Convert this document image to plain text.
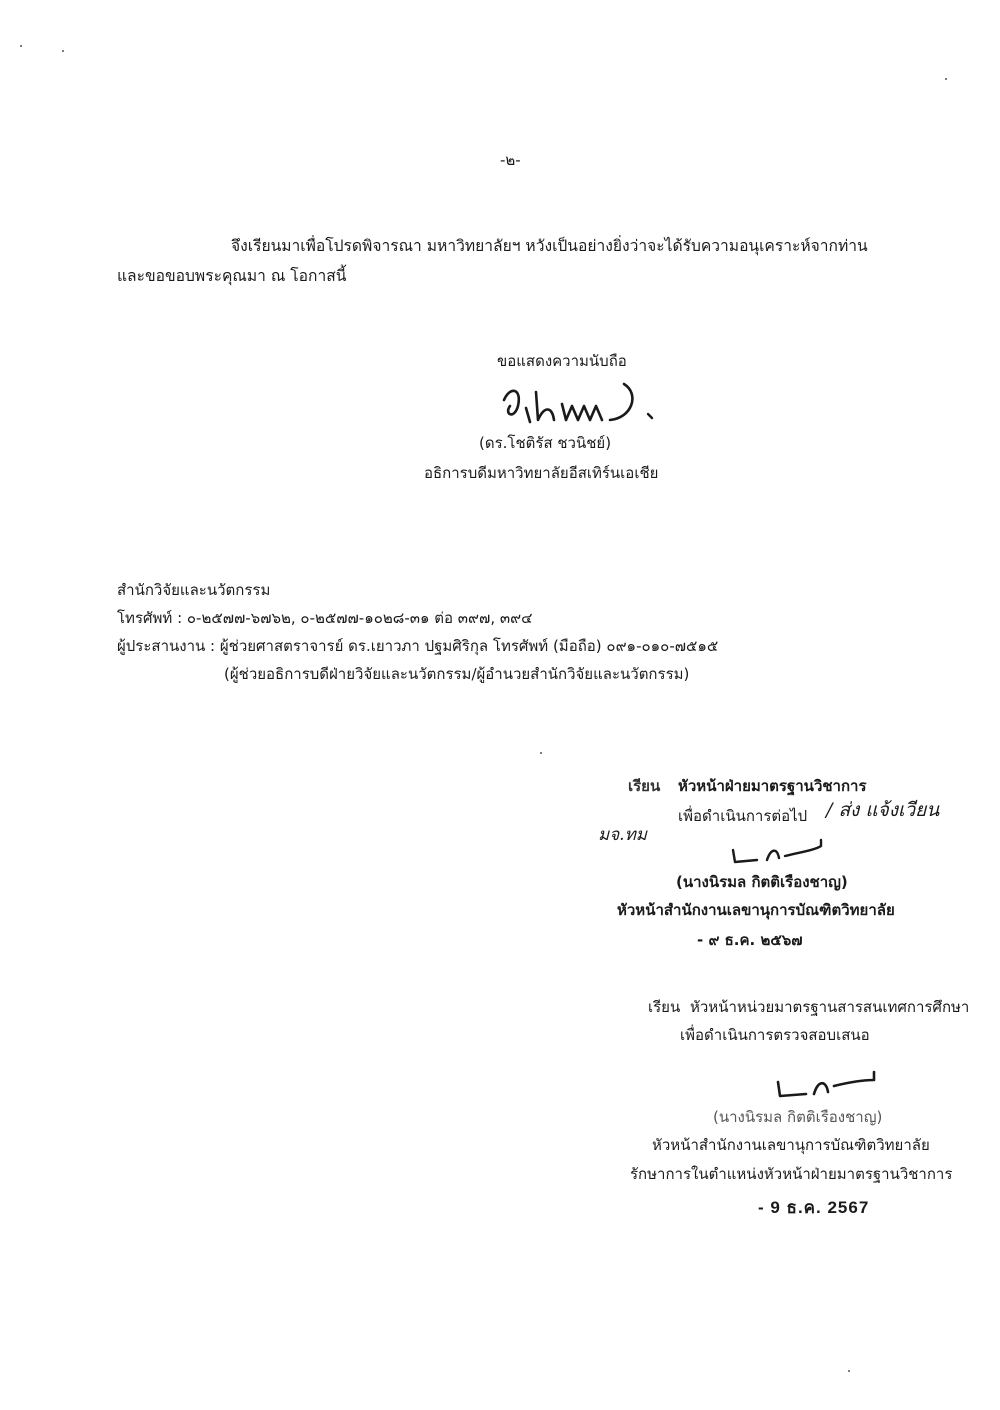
-๒-
จึงเรียนมาเพื่อโปรดพิจารณา มหาวิทยาลัยฯ หวังเป็นอย่างยิ่งว่าจะได้รับความอนุเคราะห์จากท่าน
และขอขอบพระคุณมา ณ โอกาสนี้
ขอแสดงความนับถือ
(ดร.โชติรัส ชวนิชย์)
อธิการบดีมหาวิทยาลัยอีสเทิร์นเอเชีย
สำนักวิจัยและนวัตกรรม
โทรศัพท์ : ๐-๒๕๗๗-๖๗๖๒, ๐-๒๕๗๗-๑๐๒๘-๓๑ ต่อ ๓๙๗, ๓๙๔
ผู้ประสานงาน : ผู้ช่วยศาสตราจารย์ ดร.เยาวภา ปฐมศิริกุล โทรศัพท์ (มือถือ) ๐๙๑-๐๑๐-๗๕๑๕
(ผู้ช่วยอธิการบดีฝ่ายวิจัยและนวัตกรรม/ผู้อำนวยสำนักวิจัยและนวัตกรรม)
เรียน หัวหน้าฝ่ายมาตรฐานวิชาการ
เพื่อดำเนินการต่อไป / ส่ง แจ้งเวียน
มจ.ทม
(นางนิรมล กิตติเรืองชาญ)
หัวหน้าสำนักงานเลขานุการบัณฑิตวิทยาลัย
- ๙ ธ.ค. ๒๕๖๗
เรียน หัวหน้าหน่วยมาตรฐานสารสนเทศการศึกษา
เพื่อดำเนินการตรวจสอบเสนอ
(นางนิรมล กิตติเรืองชาญ)
หัวหน้าสำนักงานเลขานุการบัณฑิตวิทยาลัย
รักษาการในตำแหน่งหัวหน้าฝ่ายมาตรฐานวิชาการ
- 9 ธ.ค. 2567
